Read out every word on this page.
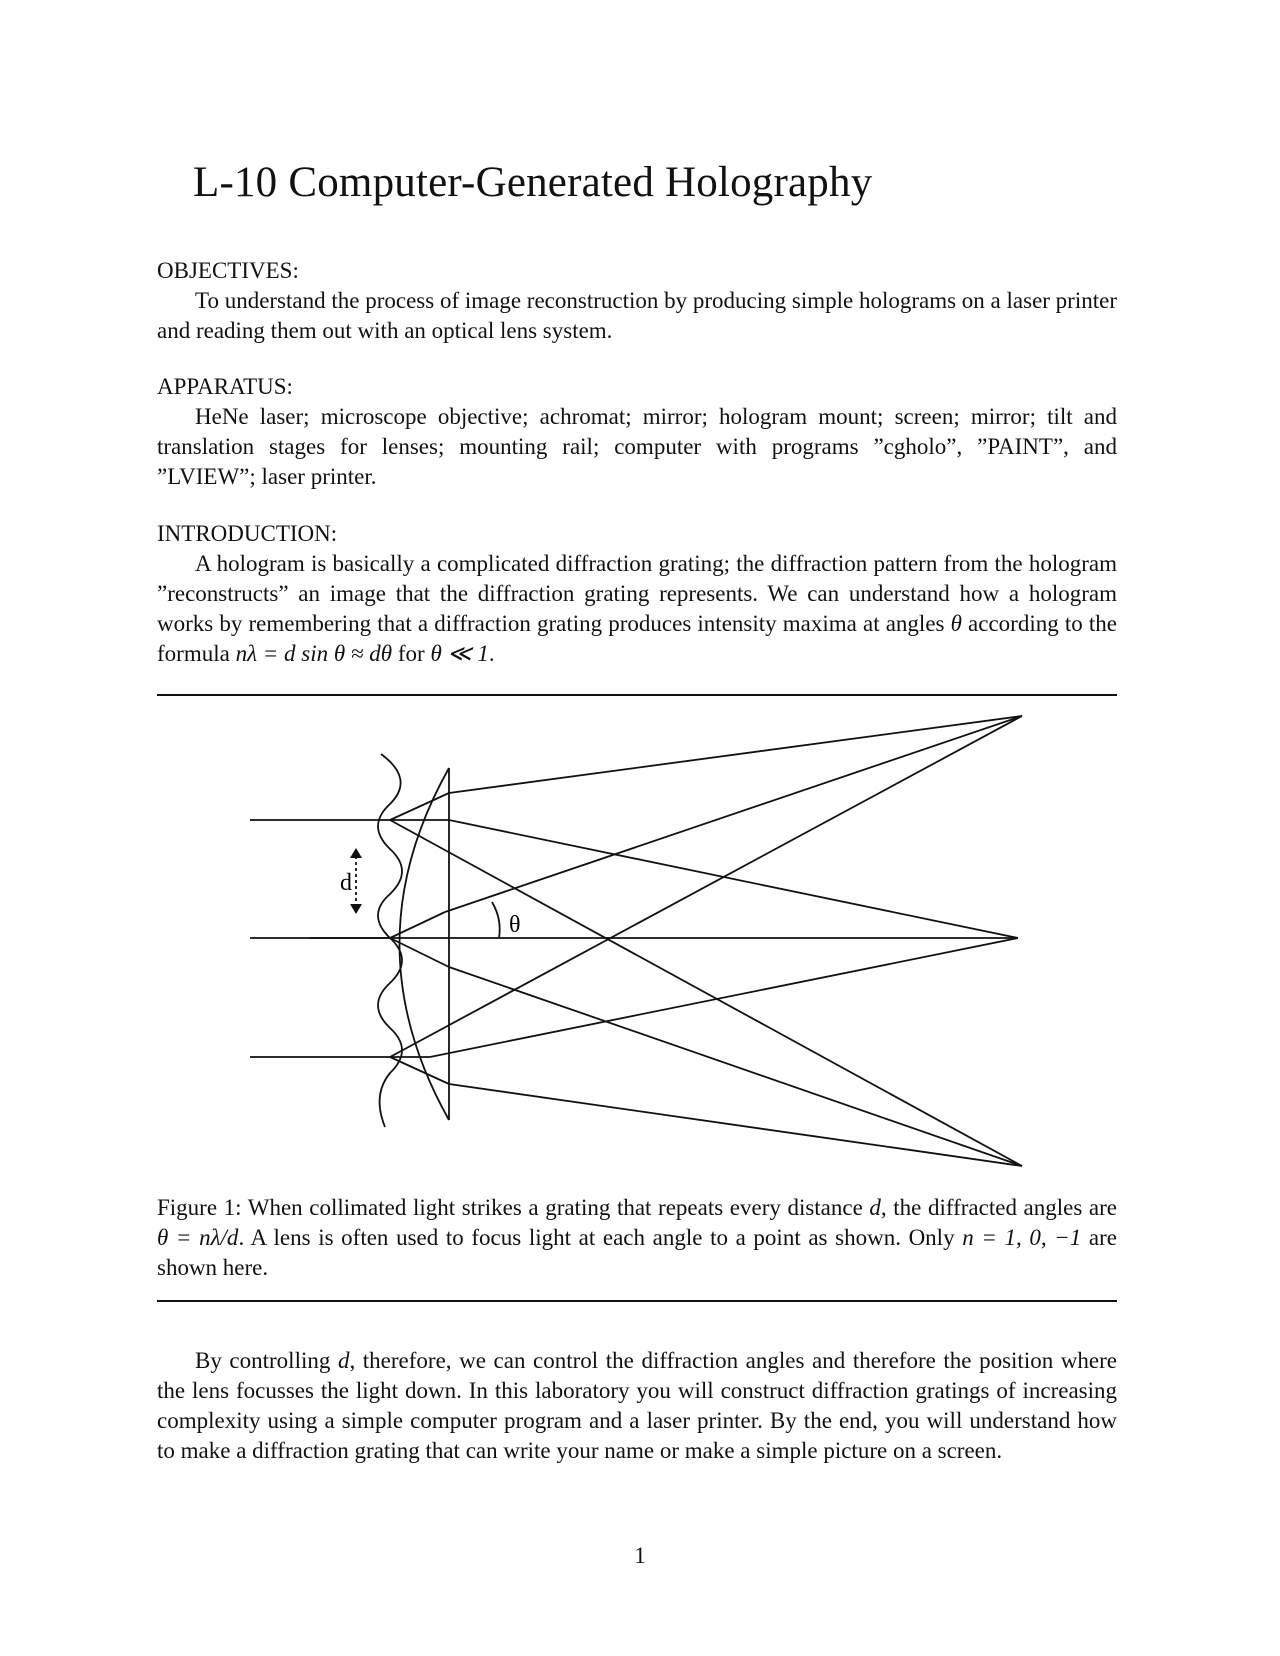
L-10 Computer-Generated Holography
OBJECTIVES:

To understand the process of image reconstruction by producing simple holograms on a laser printer and reading them out with an optical lens system.

APPARATUS:

HeNe laser; microscope objective; achromat; mirror; hologram mount; screen; mirror; tilt and translation stages for lenses; mounting rail; computer with programs ”cgholo”, ”PAINT”, and ”LVIEW”; laser printer.

INTRODUCTION:

A hologram is basically a complicated diffraction grating; the diffraction pattern from the hologram ”reconstructs” an image that the diffraction grating represents. We can understand how a hologram works by remembering that a diffraction grating produces intensity maxima at angles θ according to the formula nλ = d sin θ ≈ dθ for θ ≪ 1.

d
θ

Figure 1: When collimated light strikes a grating that repeats every distance d, the diffracted angles are θ = nλ/d. A lens is often used to focus light at each angle to a point as shown. Only n = 1, 0, −1 are shown here.

By controlling d, therefore, we can control the diffraction angles and therefore the position where the lens focusses the light down. In this laboratory you will construct diffraction gratings of increasing complexity using a simple computer program and a laser printer. By the end, you will understand how to make a diffraction grating that can write your name or make a simple picture on a screen.

1
